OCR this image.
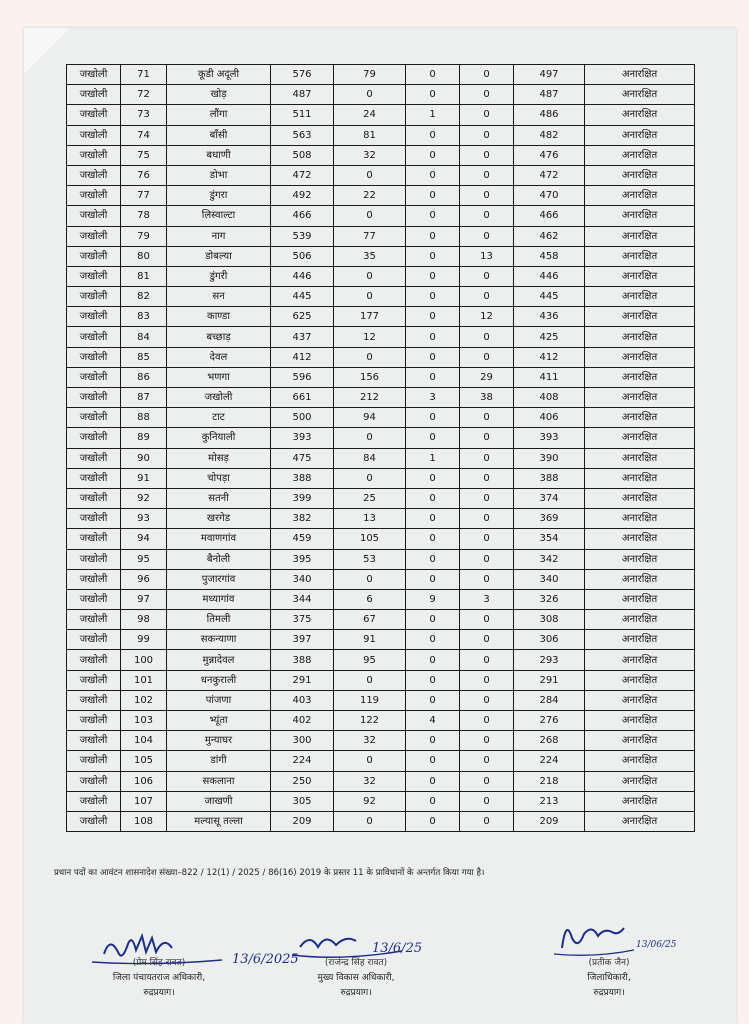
जखोली	71	कूडी अदूली	576	79	0	0	497	अनारक्षित
जखोली	72	खोड़	487	0	0	0	487	अनारक्षित
जखोली	73	लौंगा	511	24	1	0	486	अनारक्षित
जखोली	74	बाँसी	563	81	0	0	482	अनारक्षित
जखोली	75	बधाणी	508	32	0	0	476	अनारक्षित
जखोली	76	डोभा	472	0	0	0	472	अनारक्षित
जखोली	77	डुंगरा	492	22	0	0	470	अनारक्षित
जखोली	78	लिस्वाल्टा	466	0	0	0	466	अनारक्षित
जखोली	79	नाग	539	77	0	0	462	अनारक्षित
जखोली	80	डोबल्या	506	35	0	13	458	अनारक्षित
जखोली	81	डुंगरी	446	0	0	0	446	अनारक्षित
जखोली	82	सन	445	0	0	0	445	अनारक्षित
जखोली	83	काण्डा	625	177	0	12	436	अनारक्षित
जखोली	84	बच्छाड़	437	12	0	0	425	अनारक्षित
जखोली	85	देवल	412	0	0	0	412	अनारक्षित
जखोली	86	भणगा	596	156	0	29	411	अनारक्षित
जखोली	87	जखोली	661	212	3	38	408	अनारक्षित
जखोली	88	टाट	500	94	0	0	406	अनारक्षित
जखोली	89	कुनियाली	393	0	0	0	393	अनारक्षित
जखोली	90	मोसड़	475	84	1	0	390	अनारक्षित
जखोली	91	चोपड़ा	388	0	0	0	388	अनारक्षित
जखोली	92	सतनी	399	25	0	0	374	अनारक्षित
जखोली	93	खरगेड	382	13	0	0	369	अनारक्षित
जखोली	94	मवाणगांव	459	105	0	0	354	अनारक्षित
जखोली	95	बैनोली	395	53	0	0	342	अनारक्षित
जखोली	96	पुजारगांव	340	0	0	0	340	अनारक्षित
जखोली	97	मध्यागांव	344	6	9	3	326	अनारक्षित
जखोली	98	तिमली	375	67	0	0	308	अनारक्षित
जखोली	99	सकन्याणा	397	91	0	0	306	अनारक्षित
जखोली	100	मुन्नादेवल	388	95	0	0	293	अनारक्षित
जखोली	101	धनकुराली	291	0	0	0	291	अनारक्षित
जखोली	102	पांजणा	403	119	0	0	284	अनारक्षित
जखोली	103	भ्यूंता	402	122	4	0	276	अनारक्षित
जखोली	104	मुन्याघर	300	32	0	0	268	अनारक्षित
जखोली	105	डांगी	224	0	0	0	224	अनारक्षित
जखोली	106	सकलाना	250	32	0	0	218	अनारक्षित
जखोली	107	जाखणी	305	92	0	0	213	अनारक्षित
जखोली	108	मल्यासू तल्ला	209	0	0	0	209	अनारक्षित
प्रधान पदों का आवंटन शासनादेश संख्या–822 / 12(1) / 2025 / 86(16) 2019 के प्रस्तर 11 के प्राविधानों के अन्तर्गत किया गया है।
13/6/2025
(प्रेम सिंह रावत)
जिला पंचायतराज अधिकारी,
रुद्रप्रयाग।
13/6/25
(राजेन्द्र सिंह रावत)
मुख्य विकास अधिकारी,
रुद्रप्रयाग।
13/06/25
(प्रतीक जैन)
जिलाधिकारी,
रुद्रप्रयाग।
